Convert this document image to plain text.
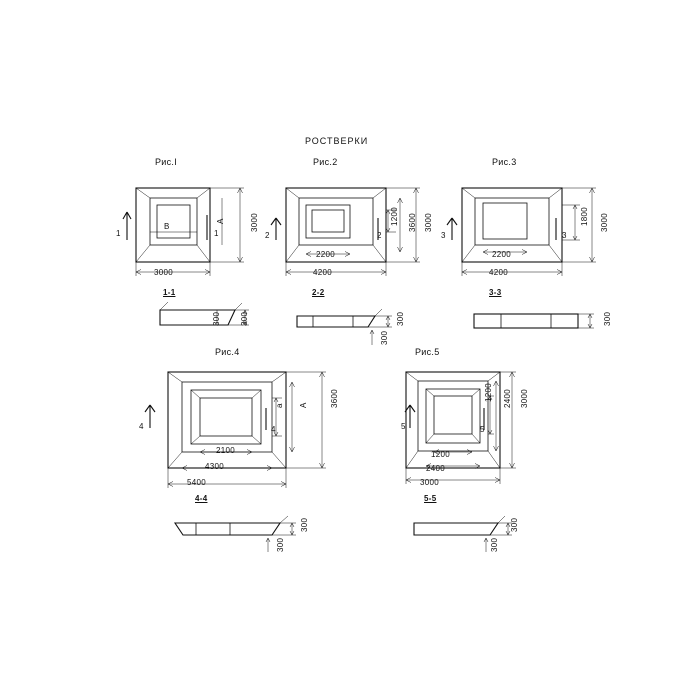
РОСТВЕРКИ
Рис.I
3000
A
B
3000
1-1
1	1
300
300
Рис.2
3000
3600
1200
2200
4200
2-2
2	2
300
300
Рис.3
3000
1800
2200
4200
3-3
3	3
300
Рис.4
3600
A
a
2100
4300
5400
4-4
4	4
300
300
Рис.5
3000
2400
1200
1200
2400
3000
5-5
5	5
300
300
